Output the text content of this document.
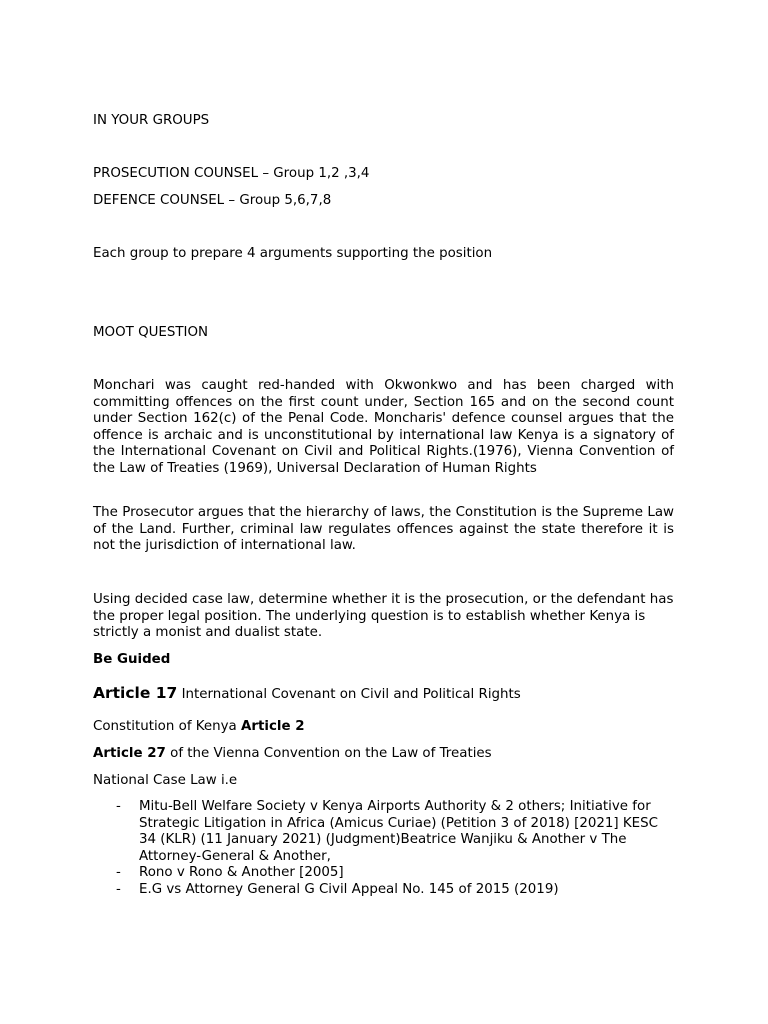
IN YOUR GROUPS
PROSECUTION COUNSEL – Group 1,2 ,3,4
DEFENCE COUNSEL – Group 5,6,7,8
Each group to prepare 4 arguments supporting the position
MOOT QUESTION
Monchari was caught red-handed with Okwonkwo and has been charged with committing offences on the first count under, Section 165 and on the second count under Section 162(c) of the Penal Code. Moncharis' defence counsel argues that the offence is archaic and is unconstitutional by international law Kenya is a signatory of the International Covenant on Civil and Political Rights.(1976), Vienna Convention of the Law of Treaties (1969), Universal Declaration of Human Rights
The Prosecutor argues that the hierarchy of laws, the Constitution is the Supreme Law of the Land. Further, criminal law regulates offences against the state therefore it is not the jurisdiction of international law.
Using decided case law, determine whether it is the prosecution, or the defendant has the proper legal position. The underlying question is to establish whether Kenya is strictly a monist and dualist state.
Be Guided
Article 17 International Covenant on Civil and Political Rights
Constitution of Kenya Article 2
Article 27 of the Vienna Convention on the Law of Treaties
National Case Law i.e
- Mitu-Bell Welfare Society v Kenya Airports Authority & 2 others; Initiative for Strategic Litigation in Africa (Amicus Curiae) (Petition 3 of 2018) [2021] KESC 34 (KLR) (11 January 2021) (Judgment)Beatrice Wanjiku & Another v The Attorney-General & Another,
- Rono v Rono & Another [2005]
- E.G vs Attorney General G Civil Appeal No. 145 of 2015 (2019)
